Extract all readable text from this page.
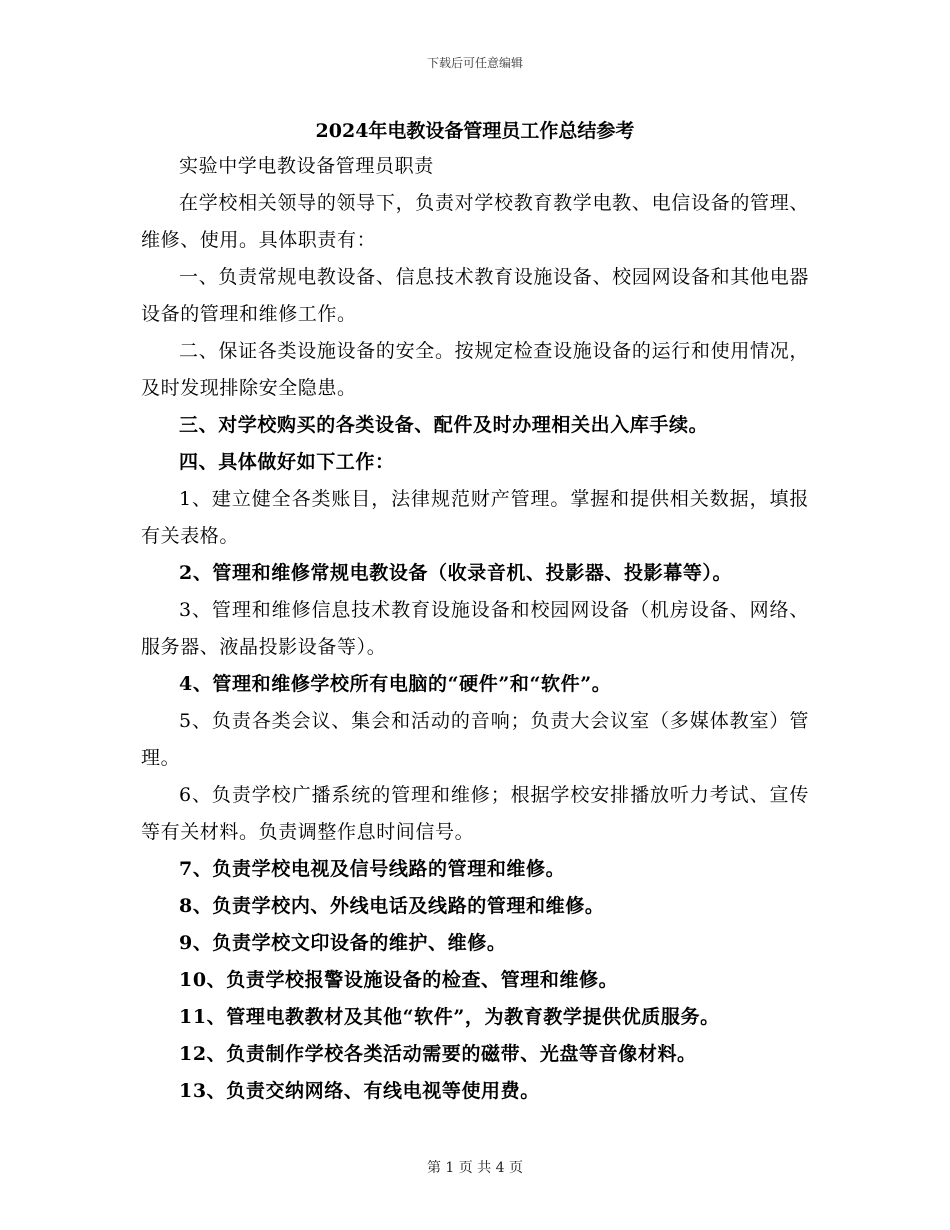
下载后可任意编辑
2024年电教设备管理员工作总结参考

实验中学电教设备管理员职责

在学校相关领导的领导下，负责对学校教育教学电教、电信设备的管理、维修、使用。具体职责有：

一、负责常规电教设备、信息技术教育设施设备、校园网设备和其他电器设备的管理和维修工作。

二、保证各类设施设备的安全。按规定检查设施设备的运行和使用情况，及时发现排除安全隐患。

三、对学校购买的各类设备、配件及时办理相关出入库手续。

四、具体做好如下工作：

1、建立健全各类账目，法律规范财产管理。掌握和提供相关数据，填报有关表格。

2、管理和维修常规电教设备（收录音机、投影器、投影幕等）。

3、管理和维修信息技术教育设施设备和校园网设备（机房设备、网络、服务器、液晶投影设备等）。

4、管理和维修学校所有电脑的“硬件”和“软件”。

5、负责各类会议、集会和活动的音响；负责大会议室（多媒体教室）管理。

6、负责学校广播系统的管理和维修；根据学校安排播放听力考试、宣传等有关材料。负责调整作息时间信号。

7、负责学校电视及信号线路的管理和维修。

8、负责学校内、外线电话及线路的管理和维修。

9、负责学校文印设备的维护、维修。

10、负责学校报警设施设备的检查、管理和维修。

11、管理电教教材及其他“软件”，为教育教学提供优质服务。

12、负责制作学校各类活动需要的磁带、光盘等音像材料。

13、负责交纳网络、有线电视等使用费。

第 1 页 共 4 页
